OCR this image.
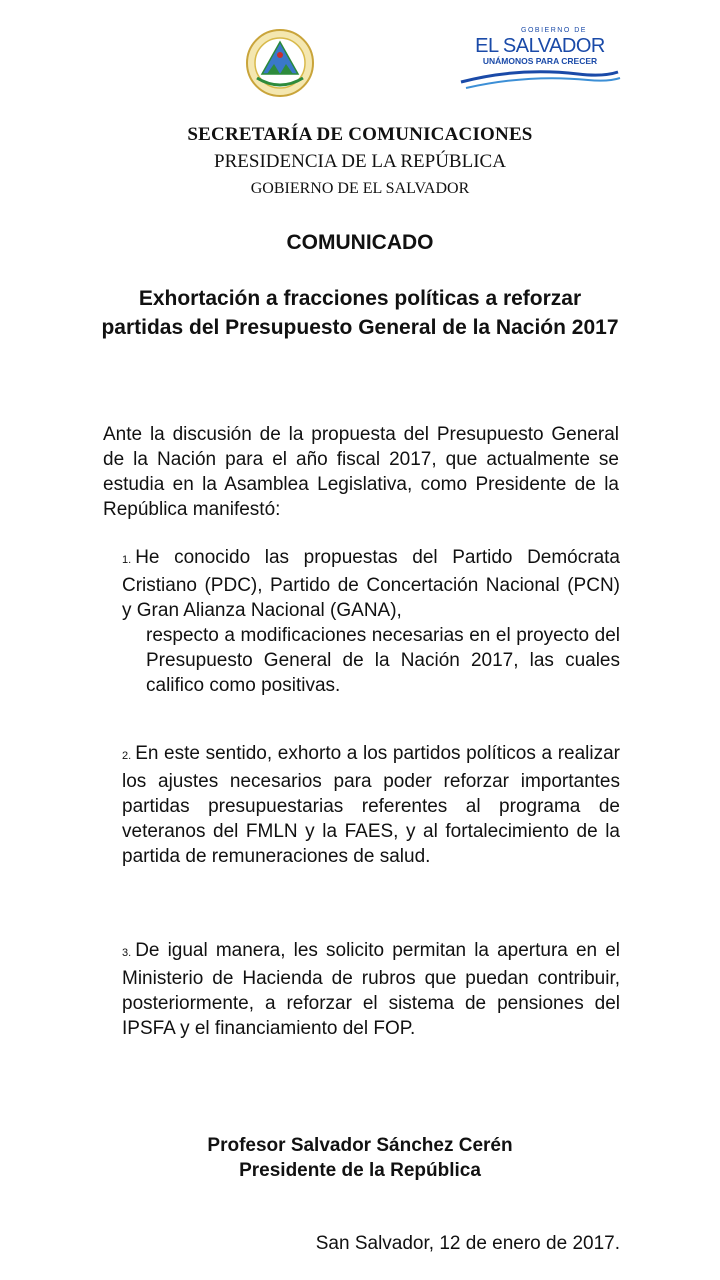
GOBIERNO DE
EL SALVADOR
UNÁMONOS PARA CRECER
SECRETARÍA DE COMUNICACIONES
PRESIDENCIA DE LA REPÚBLICA
GOBIERNO DE EL SALVADOR
COMUNICADO
Exhortación a fracciones políticas a reforzar partidas del Presupuesto General de la Nación 2017
Ante la discusión de la propuesta del Presupuesto General de la Nación para el año fiscal 2017, que actualmente se estudia en la Asamblea Legislativa, como Presidente de la República manifestó:
1. He conocido las propuestas del Partido Demócrata Cristiano (PDC), Partido de Concertación Nacional (PCN) y Gran Alianza Nacional (GANA),
respecto a modificaciones necesarias en el proyecto del Presupuesto General de la Nación 2017, las cuales califico como positivas.
2. En este sentido, exhorto a los partidos políticos a realizar los ajustes necesarios para poder reforzar importantes partidas presupuestarias referentes al programa de veteranos del FMLN y la FAES, y al fortalecimiento de la partida de remuneraciones de salud.
3. De igual manera, les solicito permitan la apertura en el Ministerio de Hacienda de rubros que puedan contribuir, posteriormente, a reforzar el sistema de pensiones del IPSFA y el financiamiento del FOP.
Profesor Salvador Sánchez Cerén
Presidente de la República
San Salvador, 12 de enero de 2017.
